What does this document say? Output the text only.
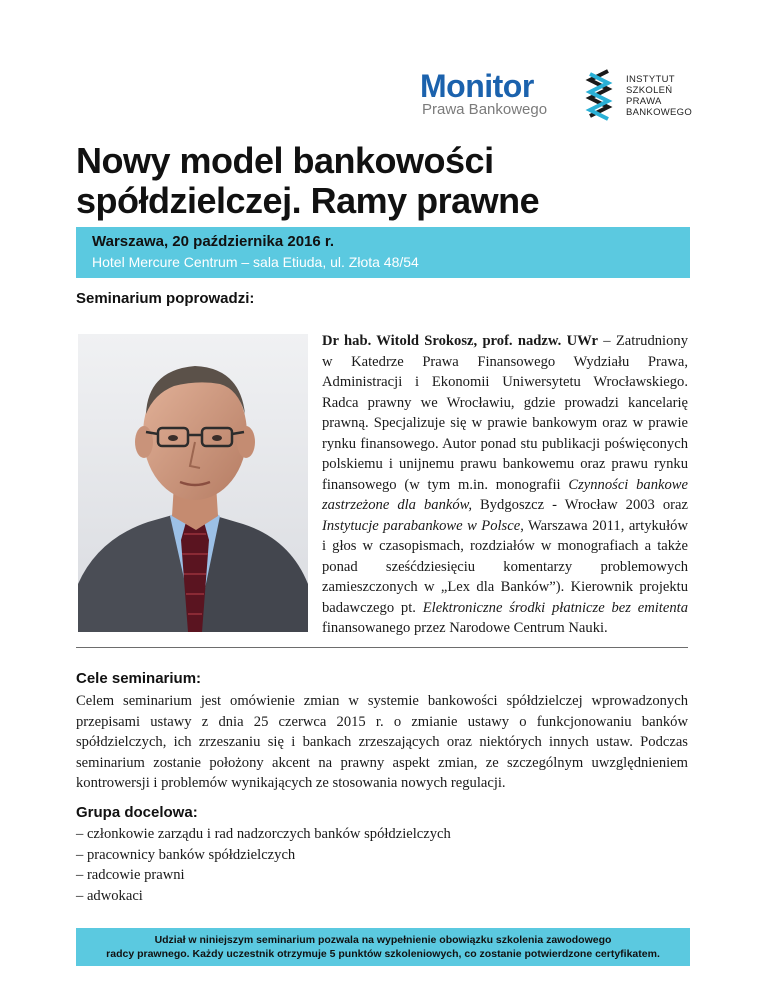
Monitor
Prawa Bankowego
INSTYTUT
SZKOLEŃ
PRAWA
BANKOWEGO
Nowy model bankowości
spółdzielczej. Ramy prawne
Warszawa, 20 października 2016 r.
Hotel Mercure Centrum – sala Etiuda, ul. Złota 48/54
Seminarium poprowadzi:
Dr hab. Witold Srokosz, prof. nadzw. UWr – Zatrudniony w Katedrze Prawa Finansowego Wydziału Prawa, Administracji i Ekonomii Uniwersytetu Wrocławskiego. Radca prawny we Wrocławiu, gdzie prowadzi kancelarię prawną. Specjalizuje się w prawie bankowym oraz w prawie rynku finansowego. Autor ponad stu publikacji poświęconych polskiemu i unijnemu prawu bankowemu oraz prawu rynku finansowego (w tym m.in. monografii Czynności bankowe zastrzeżone dla banków, Bydgoszcz - Wrocław 2003 oraz Instytucje parabankowe w Polsce, Warszawa 2011, artykułów i głos w czasopismach, rozdziałów w monografiach a także ponad sześćdziesięciu komentarzy problemowych zamieszczonych w „Lex dla Banków”). Kierownik projektu badawczego pt. Elektroniczne środki płatnicze bez emitenta finansowanego przez Narodowe Centrum Nauki.
Cele seminarium:
Celem seminarium jest omówienie zmian w systemie bankowości spółdzielczej wprowadzonych przepisami ustawy z dnia 25 czerwca 2015 r. o zmianie ustawy o funkcjonowaniu banków spółdzielczych, ich zrzeszaniu się i bankach zrzeszających oraz niektórych innych ustaw. Podczas seminarium zostanie położony akcent na prawny aspekt zmian, ze szczególnym uwzględnieniem kontrowersji i problemów wynikających ze stosowania nowych regulacji.
Grupa docelowa:
– członkowie zarządu i rad nadzorczych banków spółdzielczych
– pracownicy banków spółdzielczych
– radcowie prawni
– adwokaci
Udział w niniejszym seminarium pozwala na wypełnienie obowiązku szkolenia zawodowego
radcy prawnego. Każdy uczestnik otrzymuje 5 punktów szkoleniowych, co zostanie potwierdzone certyfikatem.
